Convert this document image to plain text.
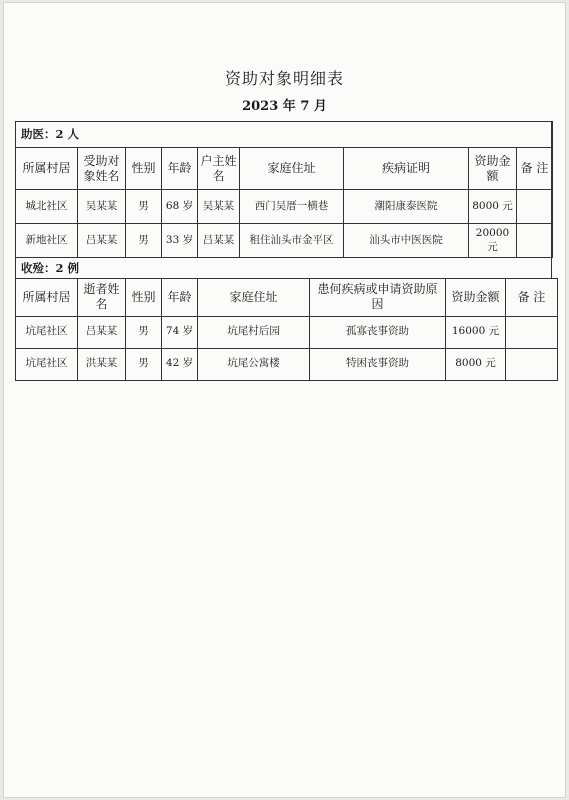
资助对象明细表
2023 年 7 月
助医：2 人								
所属村居	受助对象姓名	性别	年龄	户主姓名	家庭住址	疾病证明	资助金额	备 注
城北社区	吴某某	男	68 岁	吴某某	西门吴厝一横巷	潮阳康泰医院	8000 元	
新地社区	吕某某	男	33 岁	吕某某	租住汕头市金平区	汕头市中医医院	20000 元	
收殓：2 例							
所属村居	逝者姓名	性别	年龄	家庭住址	患何疾病或申请资助原因	资助金额	备 注
坑尾社区	吕某某	男	74 岁	坑尾村后园	孤寡丧事资助	16000 元	
坑尾社区	洪某某	男	42 岁	坑尾公寓楼	特困丧事资助	8000 元	
